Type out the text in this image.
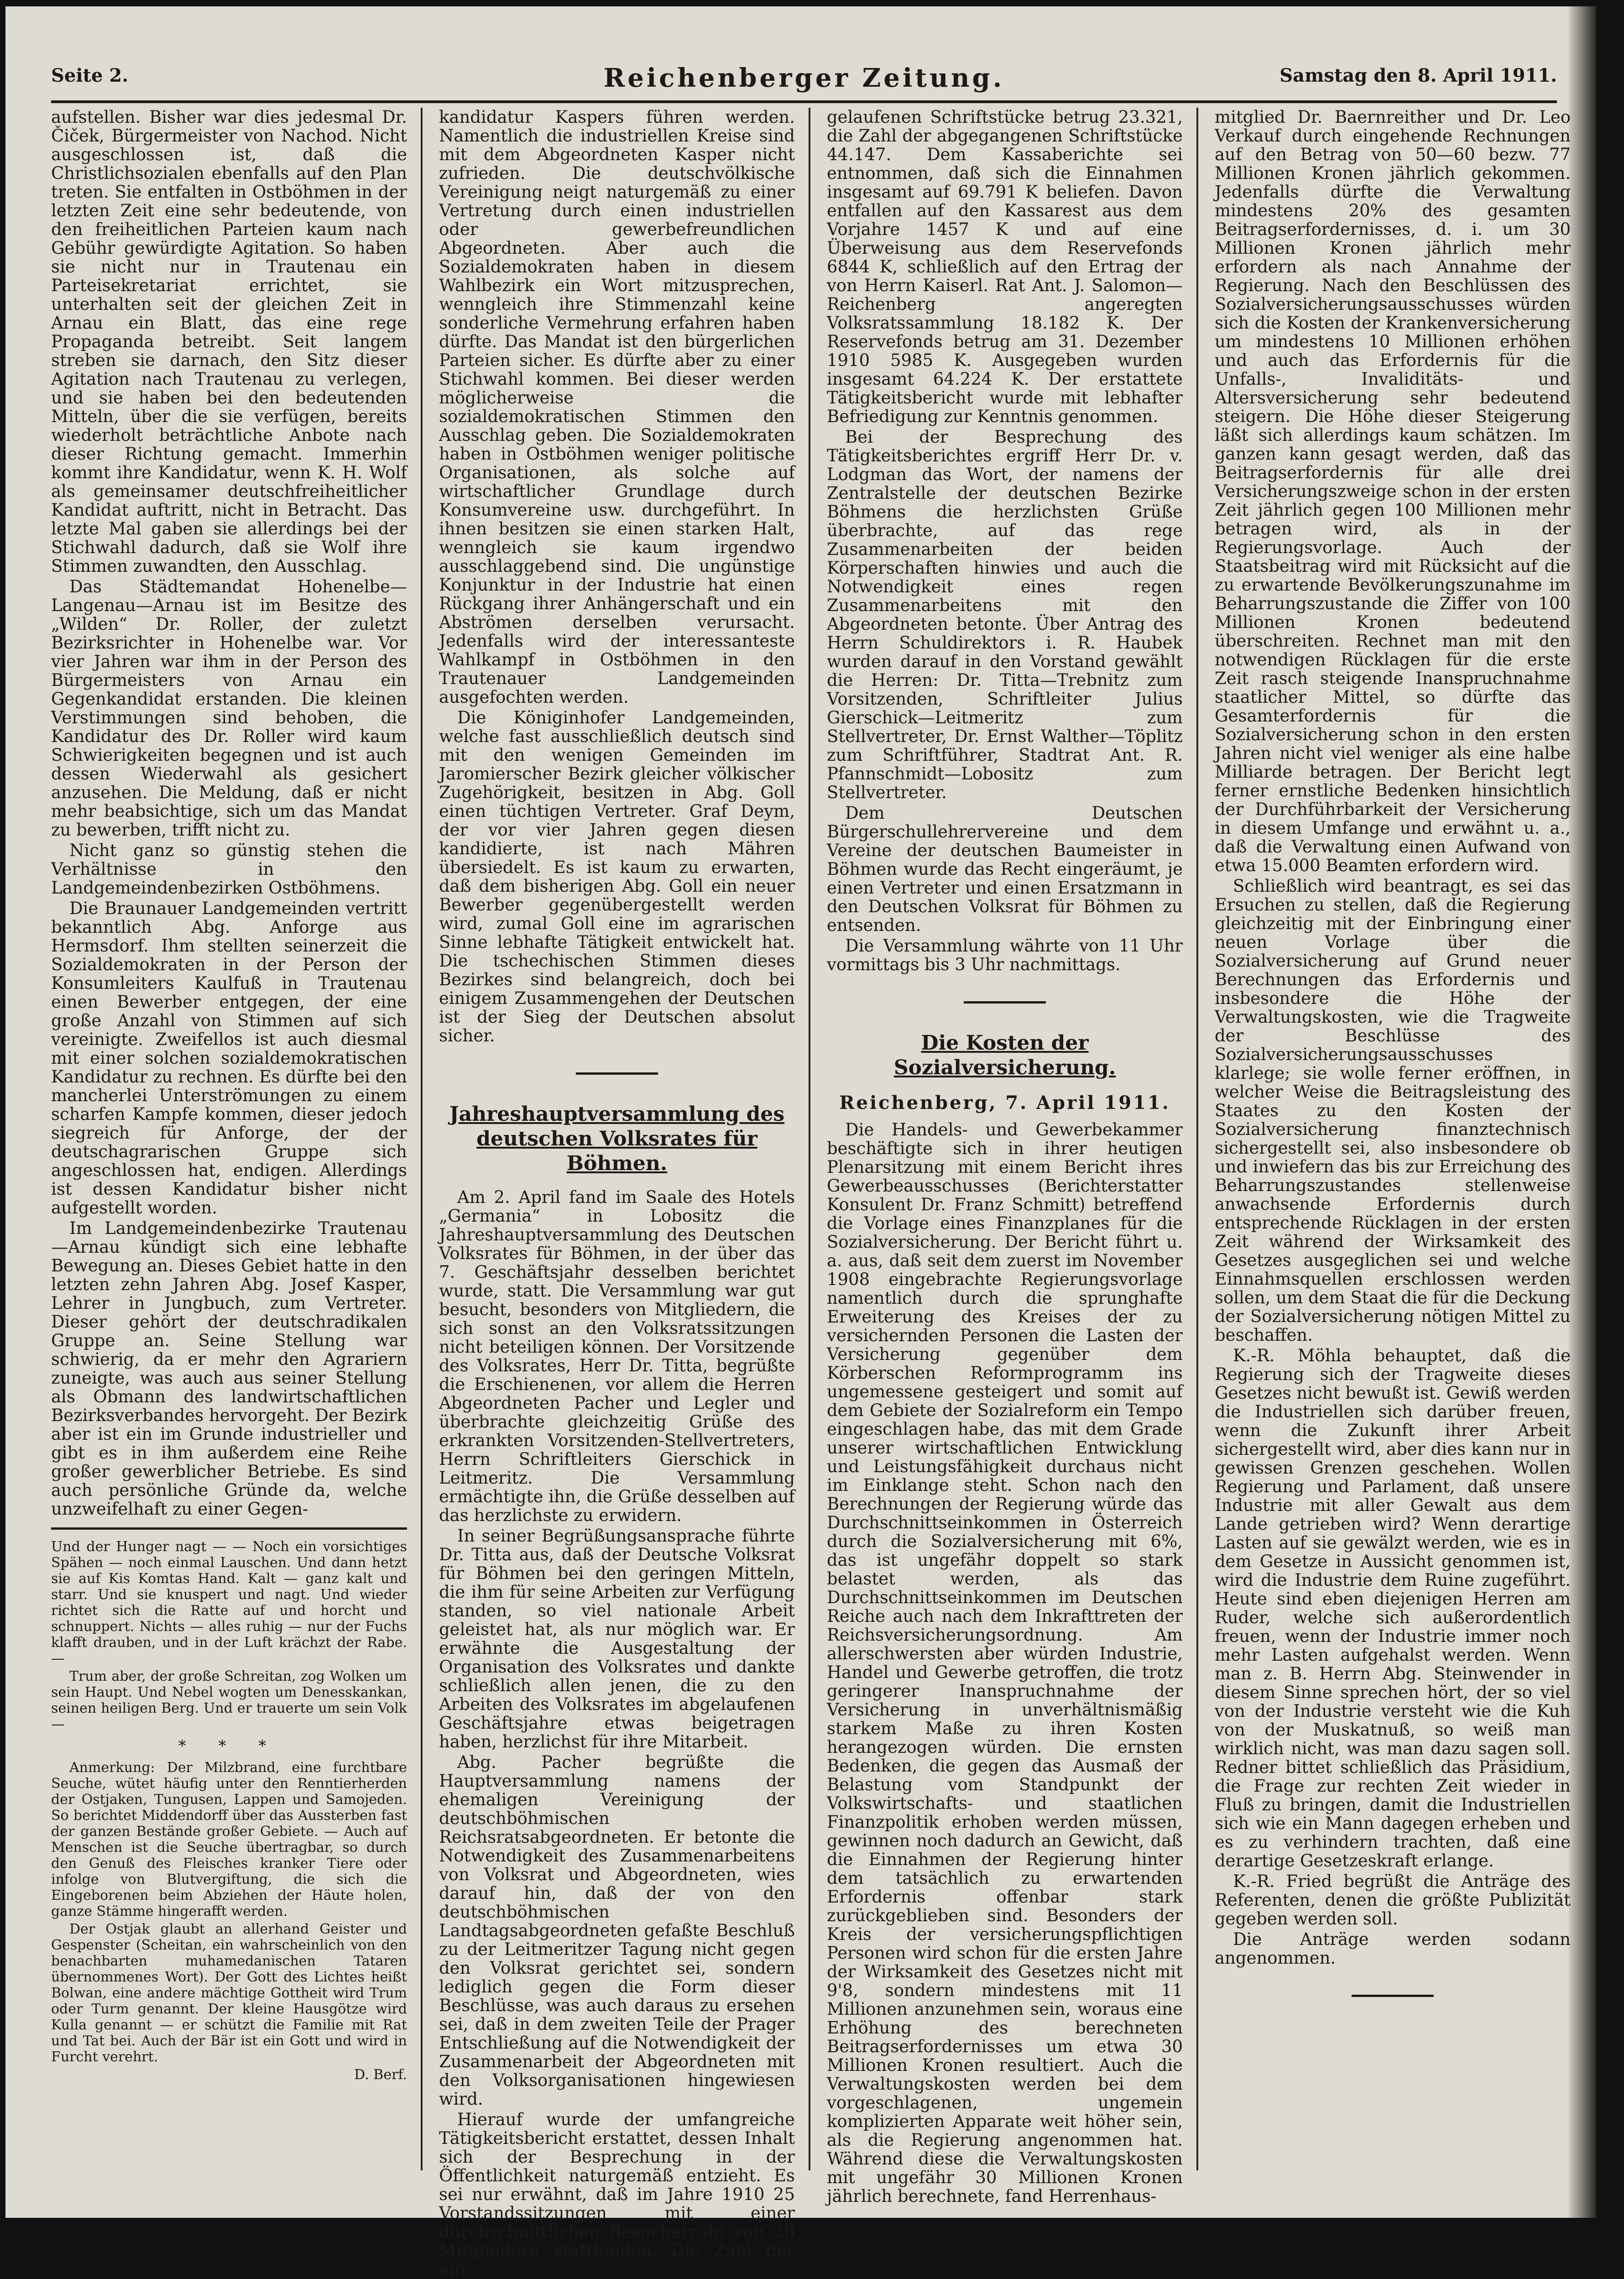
Seite 2.	Reichenberger Zeitung.	Samstag den 8. April 1911.

aufstellen. Bisher war dies jedesmal Dr. Čiček, Bürgermeister von Nachod. Nicht ausgeschlossen ist, daß die Christlichsozialen ebenfalls auf den Plan treten. Sie entfalten in Ostböhmen in der letzten Zeit eine sehr bedeutende, von den freiheitlichen Parteien kaum nach Gebühr gewürdigte Agitation. So haben sie nicht nur in Trautenau ein Parteisekretariat errichtet, sie unterhalten seit der gleichen Zeit in Arnau ein Blatt, das eine rege Propaganda betreibt. Seit langem streben sie darnach, den Sitz dieser Agitation nach Trautenau zu verlegen, und sie haben bei den bedeutenden Mitteln, über die sie verfügen, bereits wiederholt beträchtliche Anbote nach dieser Richtung gemacht. Immerhin kommt ihre Kandidatur, wenn K. H. Wolf als gemeinsamer deutschfreiheitlicher Kandidat auftritt, nicht in Betracht. Das letzte Mal gaben sie allerdings bei der Stichwahl dadurch, daß sie Wolf ihre Stimmen zuwandten, den Ausschlag.

Das Städtemandat Hohenelbe—Langenau—Arnau ist im Besitze des „Wilden“ Dr. Roller, der zuletzt Bezirksrichter in Hohenelbe war. Vor vier Jahren war ihm in der Person des Bürgermeisters von Arnau ein Gegenkandidat erstanden. Die kleinen Verstimmungen sind behoben, die Kandidatur des Dr. Roller wird kaum Schwierigkeiten begegnen und ist auch dessen Wiederwahl als gesichert anzusehen. Die Meldung, daß er nicht mehr beabsichtige, sich um das Mandat zu bewerben, trifft nicht zu.

Nicht ganz so günstig stehen die Verhältnisse in den Landgemeindenbezirken Ostböhmens.

Die Braunauer Landgemeinden vertritt bekanntlich Abg. Anforge aus Hermsdorf. Ihm stellten seinerzeit die Sozialdemokraten in der Person der Konsumleiters Kaulfuß in Trautenau einen Bewerber entgegen, der eine große Anzahl von Stimmen auf sich vereinigte. Zweifellos ist auch diesmal mit einer solchen sozialdemokratischen Kandidatur zu rechnen. Es dürfte bei den mancherlei Unterströmungen zu einem scharfen Kampfe kommen, dieser jedoch siegreich für Anforge, der der deutschagrarischen Gruppe sich angeschlossen hat, endigen. Allerdings ist dessen Kandidatur bisher nicht aufgestellt worden.

Im Landgemeindenbezirke Trautenau—Arnau kündigt sich eine lebhafte Bewegung an. Dieses Gebiet hatte in den letzten zehn Jahren Abg. Josef Kasper, Lehrer in Jungbuch, zum Vertreter. Dieser gehört der deutschradikalen Gruppe an. Seine Stellung war schwierig, da er mehr den Agrariern zuneigte, was auch aus seiner Stellung als Obmann des landwirtschaftlichen Bezirksverbandes hervorgeht. Der Bezirk aber ist ein im Grunde industrieller und gibt es in ihm außerdem eine Reihe großer gewerblicher Betriebe. Es sind auch persönliche Gründe da, welche unzweifelhaft zu einer Gegen-

Und der Hunger nagt — — Noch ein vorsichtiges Spähen — noch einmal Lauschen. Und dann hetzt sie auf Kis Komtas Hand. Kalt — ganz kalt und starr. Und sie knuspert und nagt. Und wieder richtet sich die Ratte auf und horcht und schnuppert. Nichts — alles ruhig — nur der Fuchs klafft drauben, und in der Luft krächzt der Rabe. —

Trum aber, der große Schreitan, zog Wolken um sein Haupt. Und Nebel wogten um Denesskankan, seinen heiligen Berg. Und er trauerte um sein Volk —

* * *

Anmerkung: Der Milzbrand, eine furchtbare Seuche, wütet häufig unter den Renntierherden der Ostjaken, Tungusen, Lappen und Samojeden. So berichtet Middendorff über das Aussterben fast der ganzen Bestände großer Gebiete. — Auch auf Menschen ist die Seuche übertragbar, so durch den Genuß des Fleisches kranker Tiere oder infolge von Blutvergiftung, die sich die Eingeborenen beim Abziehen der Häute holen, ganze Stämme hingerafft werden.

Der Ostjak glaubt an allerhand Geister und Gespenster (Scheitan, ein wahrscheinlich von den benachbarten muhamedanischen Tataren übernommenes Wort). Der Gott des Lichtes heißt Bolwan, eine andere mächtige Gottheit wird Trum oder Turm genannt. Der kleine Hausgötze wird Kulla genannt — er schützt die Familie mit Rat und Tat bei. Auch der Bär ist ein Gott und wird in Furcht verehrt.

D. Berf.

kandidatur Kaspers führen werden. Namentlich die industriellen Kreise sind mit dem Abgeordneten Kasper nicht zufrieden. Die deutschvölkische Vereinigung neigt naturgemäß zu einer Vertretung durch einen industriellen oder gewerbefreundlichen Abgeordneten. Aber auch die Sozialdemokraten haben in diesem Wahlbezirk ein Wort mitzusprechen, wenngleich ihre Stimmenzahl keine sonderliche Vermehrung erfahren haben dürfte. Das Mandat ist den bürgerlichen Parteien sicher. Es dürfte aber zu einer Stichwahl kommen. Bei dieser werden möglicherweise die sozialdemokratischen Stimmen den Ausschlag geben. Die Sozialdemokraten haben in Ostböhmen weniger politische Organisationen, als solche auf wirtschaftlicher Grundlage durch Konsumvereine usw. durchgeführt. In ihnen besitzen sie einen starken Halt, wenngleich sie kaum irgendwo ausschlaggebend sind. Die ungünstige Konjunktur in der Industrie hat einen Rückgang ihrer Anhängerschaft und ein Abströmen derselben verursacht. Jedenfalls wird der interessanteste Wahlkampf in Ostböhmen in den Trautenauer Landgemeinden ausgefochten werden.

Die Königinhofer Landgemeinden, welche fast ausschließlich deutsch sind mit den wenigen Gemeinden im Jaromierscher Bezirk gleicher völkischer Zugehörigkeit, besitzen in Abg. Goll einen tüchtigen Vertreter. Graf Deym, der vor vier Jahren gegen diesen kandidierte, ist nach Mähren übersiedelt. Es ist kaum zu erwarten, daß dem bisherigen Abg. Goll ein neuer Bewerber gegenübergestellt werden wird, zumal Goll eine im agrarischen Sinne lebhafte Tätigkeit entwickelt hat. Die tschechischen Stimmen dieses Bezirkes sind belangreich, doch bei einigem Zusammengehen der Deutschen ist der Sieg der Deutschen absolut sicher.

Jahreshauptversammlung des deutschen Volksrates für Böhmen.

Am 2. April fand im Saale des Hotels „Germania“ in Lobositz die Jahreshauptversammlung des Deutschen Volksrates für Böhmen, in der über das 7. Geschäftsjahr desselben berichtet wurde, statt. Die Versammlung war gut besucht, besonders von Mitgliedern, die sich sonst an den Volksratssitzungen nicht beteiligen können. Der Vorsitzende des Volksrates, Herr Dr. Titta, begrüßte die Erschienenen, vor allem die Herren Abgeordneten Pacher und Legler und überbrachte gleichzeitig Grüße des erkrankten Vorsitzenden-Stellvertreters, Herrn Schriftleiters Gierschick in Leitmeritz. Die Versammlung ermächtigte ihn, die Grüße desselben auf das herzlichste zu erwidern.

In seiner Begrüßungsansprache führte Dr. Titta aus, daß der Deutsche Volksrat für Böhmen bei den geringen Mitteln, die ihm für seine Arbeiten zur Verfügung standen, so viel nationale Arbeit geleistet hat, als nur möglich war. Er erwähnte die Ausgestaltung der Organisation des Volksrates und dankte schließlich allen jenen, die zu den Arbeiten des Volksrates im abgelaufenen Geschäftsjahre etwas beigetragen haben, herzlichst für ihre Mitarbeit.

Abg. Pacher begrüßte die Hauptversammlung namens der ehemaligen Vereinigung der deutschböhmischen Reichsratsabgeordneten. Er betonte die Notwendigkeit des Zusammenarbeitens von Volksrat und Abgeordneten, wies darauf hin, daß der von den deutschböhmischen Landtagsabgeordneten gefaßte Beschluß zu der Leitmeritzer Tagung nicht gegen den Volksrat gerichtet sei, sondern lediglich gegen die Form dieser Beschlüsse, was auch daraus zu ersehen sei, daß in dem zweiten Teile der Prager Entschließung auf die Notwendigkeit der Zusammenarbeit der Abgeordneten mit den Volksorganisationen hingewiesen wird.

Hierauf wurde der umfangreiche Tätigkeitsbericht erstattet, dessen Inhalt sich der Besprechung in der Öffentlichkeit naturgemäß entzieht. Es sei nur erwähnt, daß im Jahre 1910 25 Vorstandssitzungen mit einer durchschnittlichen Besucherzahl von 28 Mitgliedern stattfanden. Die Zahl der ein-

gelaufenen Schriftstücke betrug 23.321, die Zahl der abgegangenen Schriftstücke 44.147. Dem Kassaberichte sei entnommen, daß sich die Einnahmen insgesamt auf 69.791 K beliefen. Davon entfallen auf den Kassarest aus dem Vorjahre 1457 K und auf eine Überweisung aus dem Reservefonds 6844 K, schließlich auf den Ertrag der von Herrn Kaiserl. Rat Ant. J. Salomon—Reichenberg angeregten Volksratssammlung 18.182 K. Der Reservefonds betrug am 31. Dezember 1910 5985 K. Ausgegeben wurden insgesamt 64.224 K. Der erstattete Tätigkeitsbericht wurde mit lebhafter Befriedigung zur Kenntnis genommen.

Bei der Besprechung des Tätigkeitsberichtes ergriff Herr Dr. v. Lodgman das Wort, der namens der Zentralstelle der deutschen Bezirke Böhmens die herzlichsten Grüße überbrachte, auf das rege Zusammenarbeiten der beiden Körperschaften hinwies und auch die Notwendigkeit eines regen Zusammenarbeitens mit den Abgeordneten betonte. Über Antrag des Herrn Schuldirektors i. R. Haubek wurden darauf in den Vorstand gewählt die Herren: Dr. Titta—Trebnitz zum Vorsitzenden, Schriftleiter Julius Gierschick—Leitmeritz zum Stellvertreter, Dr. Ernst Walther—Töplitz zum Schriftführer, Stadtrat Ant. R. Pfannschmidt—Lobositz zum Stellvertreter.

Dem Deutschen Bürgerschullehrervereine und dem Vereine der deutschen Baumeister in Böhmen wurde das Recht eingeräumt, je einen Vertreter und einen Ersatzmann in den Deutschen Volksrat für Böhmen zu entsenden.

Die Versammlung währte von 11 Uhr vormittags bis 3 Uhr nachmittags.

Die Kosten der Sozialversicherung.
Reichenberg, 7. April 1911.

Die Handels- und Gewerbekammer beschäftigte sich in ihrer heutigen Plenarsitzung mit einem Bericht ihres Gewerbeausschusses (Berichterstatter Konsulent Dr. Franz Schmitt) betreffend die Vorlage eines Finanzplanes für die Sozialversicherung. Der Bericht führt u. a. aus, daß seit dem zuerst im November 1908 eingebrachte Regierungsvorlage namentlich durch die sprunghafte Erweiterung des Kreises der zu versichernden Personen die Lasten der Versicherung gegenüber dem Körberschen Reformprogramm ins ungemessene gesteigert und somit auf dem Gebiete der Sozialreform ein Tempo eingeschlagen habe, das mit dem Grade unserer wirtschaftlichen Entwicklung und Leistungsfähigkeit durchaus nicht im Einklange steht. Schon nach den Berechnungen der Regierung würde das Durchschnittseinkommen in Österreich durch die Sozialversicherung mit 6%, das ist ungefähr doppelt so stark belastet werden, als das Durchschnittseinkommen im Deutschen Reiche auch nach dem Inkrafttreten der Reichsversicherungsordnung. Am allerschwersten aber würden Industrie, Handel und Gewerbe getroffen, die trotz geringerer Inanspruchnahme der Versicherung in unverhältnismäßig starkem Maße zu ihren Kosten herangezogen würden. Die ernsten Bedenken, die gegen das Ausmaß der Belastung vom Standpunkt der Volkswirtschafts- und staatlichen Finanzpolitik erhoben werden müssen, gewinnen noch dadurch an Gewicht, daß die Einnahmen der Regierung hinter dem tatsächlich zu erwartenden Erfordernis offenbar stark zurückgeblieben sind. Besonders der Kreis der versicherungspflichtigen Personen wird schon für die ersten Jahre der Wirksamkeit des Gesetzes nicht mit 9'8, sondern mindestens mit 11 Millionen anzunehmen sein, woraus eine Erhöhung des berechneten Beitragserfordernisses um etwa 30 Millionen Kronen resultiert. Auch die Verwaltungskosten werden bei dem vorgeschlagenen, ungemein komplizierten Apparate weit höher sein, als die Regierung angenommen hat. Während diese die Verwaltungskosten mit ungefähr 30 Millionen Kronen jährlich berechnete, fand Herrenhaus-

mitglied Dr. Baernreither und Dr. Leo Verkauf durch eingehende Rechnungen auf den Betrag von 50—60 bezw. 77 Millionen Kronen jährlich gekommen. Jedenfalls dürfte die Verwaltung mindestens 20% des gesamten Beitragserfordernisses, d. i. um 30 Millionen Kronen jährlich mehr erfordern als nach Annahme der Regierung. Nach den Beschlüssen des Sozialversicherungsausschusses würden sich die Kosten der Krankenversicherung um mindestens 10 Millionen erhöhen und auch das Erfordernis für die Unfalls-, Invaliditäts- und Altersversicherung sehr bedeutend steigern. Die Höhe dieser Steigerung läßt sich allerdings kaum schätzen. Im ganzen kann gesagt werden, daß das Beitragserfordernis für alle drei Versicherungszweige schon in der ersten Zeit jährlich gegen 100 Millionen mehr betragen wird, als in der Regierungsvorlage. Auch der Staatsbeitrag wird mit Rücksicht auf die zu erwartende Bevölkerungszunahme im Beharrungszustande die Ziffer von 100 Millionen Kronen bedeutend überschreiten. Rechnet man mit den notwendigen Rücklagen für die erste Zeit rasch steigende Inanspruchnahme staatlicher Mittel, so dürfte das Gesamterfordernis für die Sozialversicherung schon in den ersten Jahren nicht viel weniger als eine halbe Milliarde betragen. Der Bericht legt ferner ernstliche Bedenken hinsichtlich der Durchführbarkeit der Versicherung in diesem Umfange und erwähnt u. a., daß die Verwaltung einen Aufwand von etwa 15.000 Beamten erfordern wird.

Schließlich wird beantragt, es sei das Ersuchen zu stellen, daß die Regierung gleichzeitig mit der Einbringung einer neuen Vorlage über die Sozialversicherung auf Grund neuer Berechnungen das Erfordernis und insbesondere die Höhe der Verwaltungskosten, wie die Tragweite der Beschlüsse des Sozialversicherungsausschusses klarlege; sie wolle ferner eröffnen, in welcher Weise die Beitragsleistung des Staates zu den Kosten der Sozialversicherung finanztechnisch sichergestellt sei, also insbesondere ob und inwiefern das bis zur Erreichung des Beharrungszustandes stellenweise anwachsende Erfordernis durch entsprechende Rücklagen in der ersten Zeit während der Wirksamkeit des Gesetzes ausgeglichen sei und welche Einnahmsquellen erschlossen werden sollen, um dem Staat die für die Deckung der Sozialversicherung nötigen Mittel zu beschaffen.

K.-R. Möhla behauptet, daß die Regierung sich der Tragweite dieses Gesetzes nicht bewußt ist. Gewiß werden die Industriellen sich darüber freuen, wenn die Zukunft ihrer Arbeit sichergestellt wird, aber dies kann nur in gewissen Grenzen geschehen. Wollen Regierung und Parlament, daß unsere Industrie mit aller Gewalt aus dem Lande getrieben wird? Wenn derartige Lasten auf sie gewälzt werden, wie es in dem Gesetze in Aussicht genommen ist, wird die Industrie dem Ruine zugeführt. Heute sind eben diejenigen Herren am Ruder, welche sich außerordentlich freuen, wenn der Industrie immer noch mehr Lasten aufgehalst werden. Wenn man z. B. Herrn Abg. Steinwender in diesem Sinne sprechen hört, der so viel von der Industrie versteht wie die Kuh von der Muskatnuß, so weiß man wirklich nicht, was man dazu sagen soll. Redner bittet schließlich das Präsidium, die Frage zur rechten Zeit wieder in Fluß zu bringen, damit die Industriellen sich wie ein Mann dagegen erheben und es zu verhindern trachten, daß eine derartige Gesetzeskraft erlange.

K.-R. Fried begrüßt die Anträge des Referenten, denen die größte Publizität gegeben werden soll.

Die Anträge werden sodann angenommen.
